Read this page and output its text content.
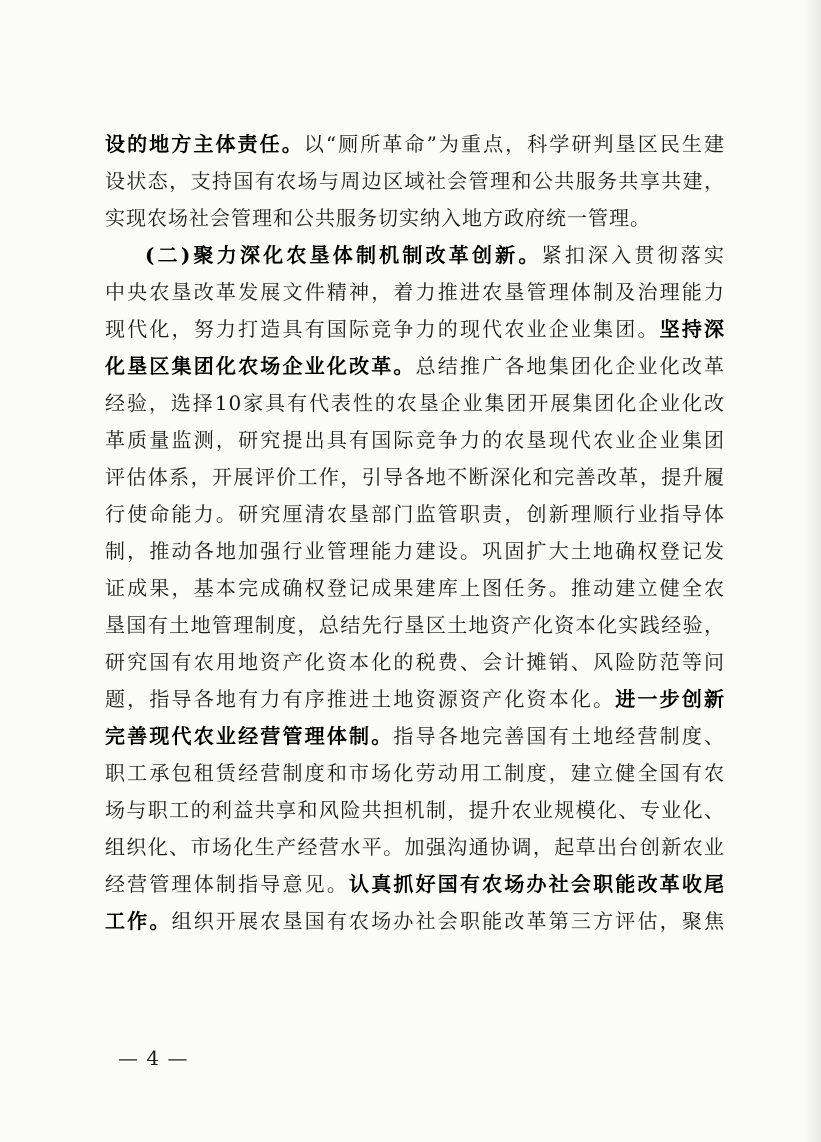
设的地方主体责任。以“厕所革命”为重点，科学研判垦区民生建
设状态，支持国有农场与周边区域社会管理和公共服务共享共建，
实现农场社会管理和公共服务切实纳入地方政府统一管理。
(二)聚力深化农垦体制机制改革创新。紧扣深入贯彻落实
中央农垦改革发展文件精神，着力推进农垦管理体制及治理能力
现代化，努力打造具有国际竞争力的现代农业企业集团。坚持深
化垦区集团化农场企业化改革。总结推广各地集团化企业化改革
经验，选择10家具有代表性的农垦企业集团开展集团化企业化改
革质量监测，研究提出具有国际竞争力的农垦现代农业企业集团
评估体系，开展评价工作，引导各地不断深化和完善改革，提升履
行使命能力。研究厘清农垦部门监管职责，创新理顺行业指导体
制，推动各地加强行业管理能力建设。巩固扩大土地确权登记发
证成果，基本完成确权登记成果建库上图任务。推动建立健全农
垦国有土地管理制度，总结先行垦区土地资产化资本化实践经验，
研究国有农用地资产化资本化的税费、会计摊销、风险防范等问
题，指导各地有力有序推进土地资源资产化资本化。进一步创新
完善现代农业经营管理体制。指导各地完善国有土地经营制度、
职工承包租赁经营制度和市场化劳动用工制度，建立健全国有农
场与职工的利益共享和风险共担机制，提升农业规模化、专业化、
组织化、市场化生产经营水平。加强沟通协调，起草出台创新农业
经营管理体制指导意见。认真抓好国有农场办社会职能改革收尾
工作。组织开展农垦国有农场办社会职能改革第三方评估，聚焦
— 4 —
